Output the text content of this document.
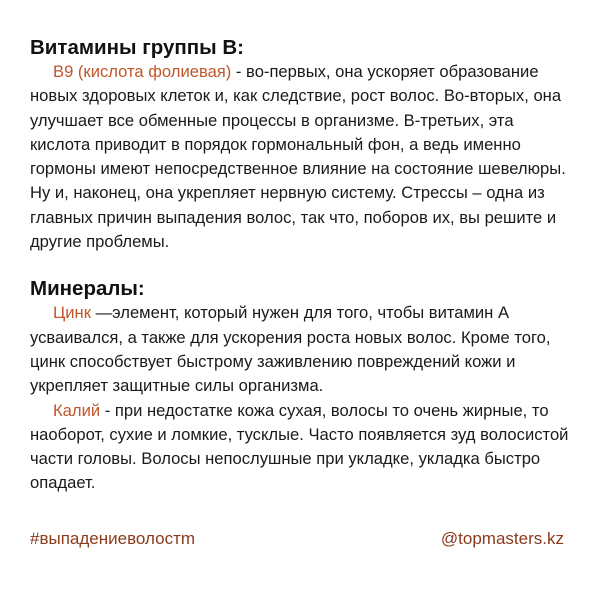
Витамины группы В:

В9 (кислота фолиевая) - во-первых, она ускоряет образование новых здоровых клеток и, как следствие, рост волос. Во-вторых, она улучшает все обменные процессы в организме. В-третьих, эта кислота приводит в порядок гормональный фон, а ведь именно гормоны имеют непосредственное влияние на состояние шевелюры. Ну и, наконец, она укрепляет нервную систему. Стрессы – одна из главных причин выпадения волос, так что, поборов их, вы решите и другие проблемы.

Минералы:

Цинк —элемент, который нужен для того, чтобы витамин А усваивался, а также для ускорения роста новых волос. Кроме того, цинк способствует быстрому заживлению повреждений кожи и укрепляет защитные силы организма.

Калий - при недостатке кожа сухая, волосы то очень жирные, то наоборот, сухие и ломкие, тусклые. Часто появляется зуд волосистой части головы. Волосы непослушные при укладке, укладка быстро опадает.

#выпадениеволостm	@topmasters.kz
